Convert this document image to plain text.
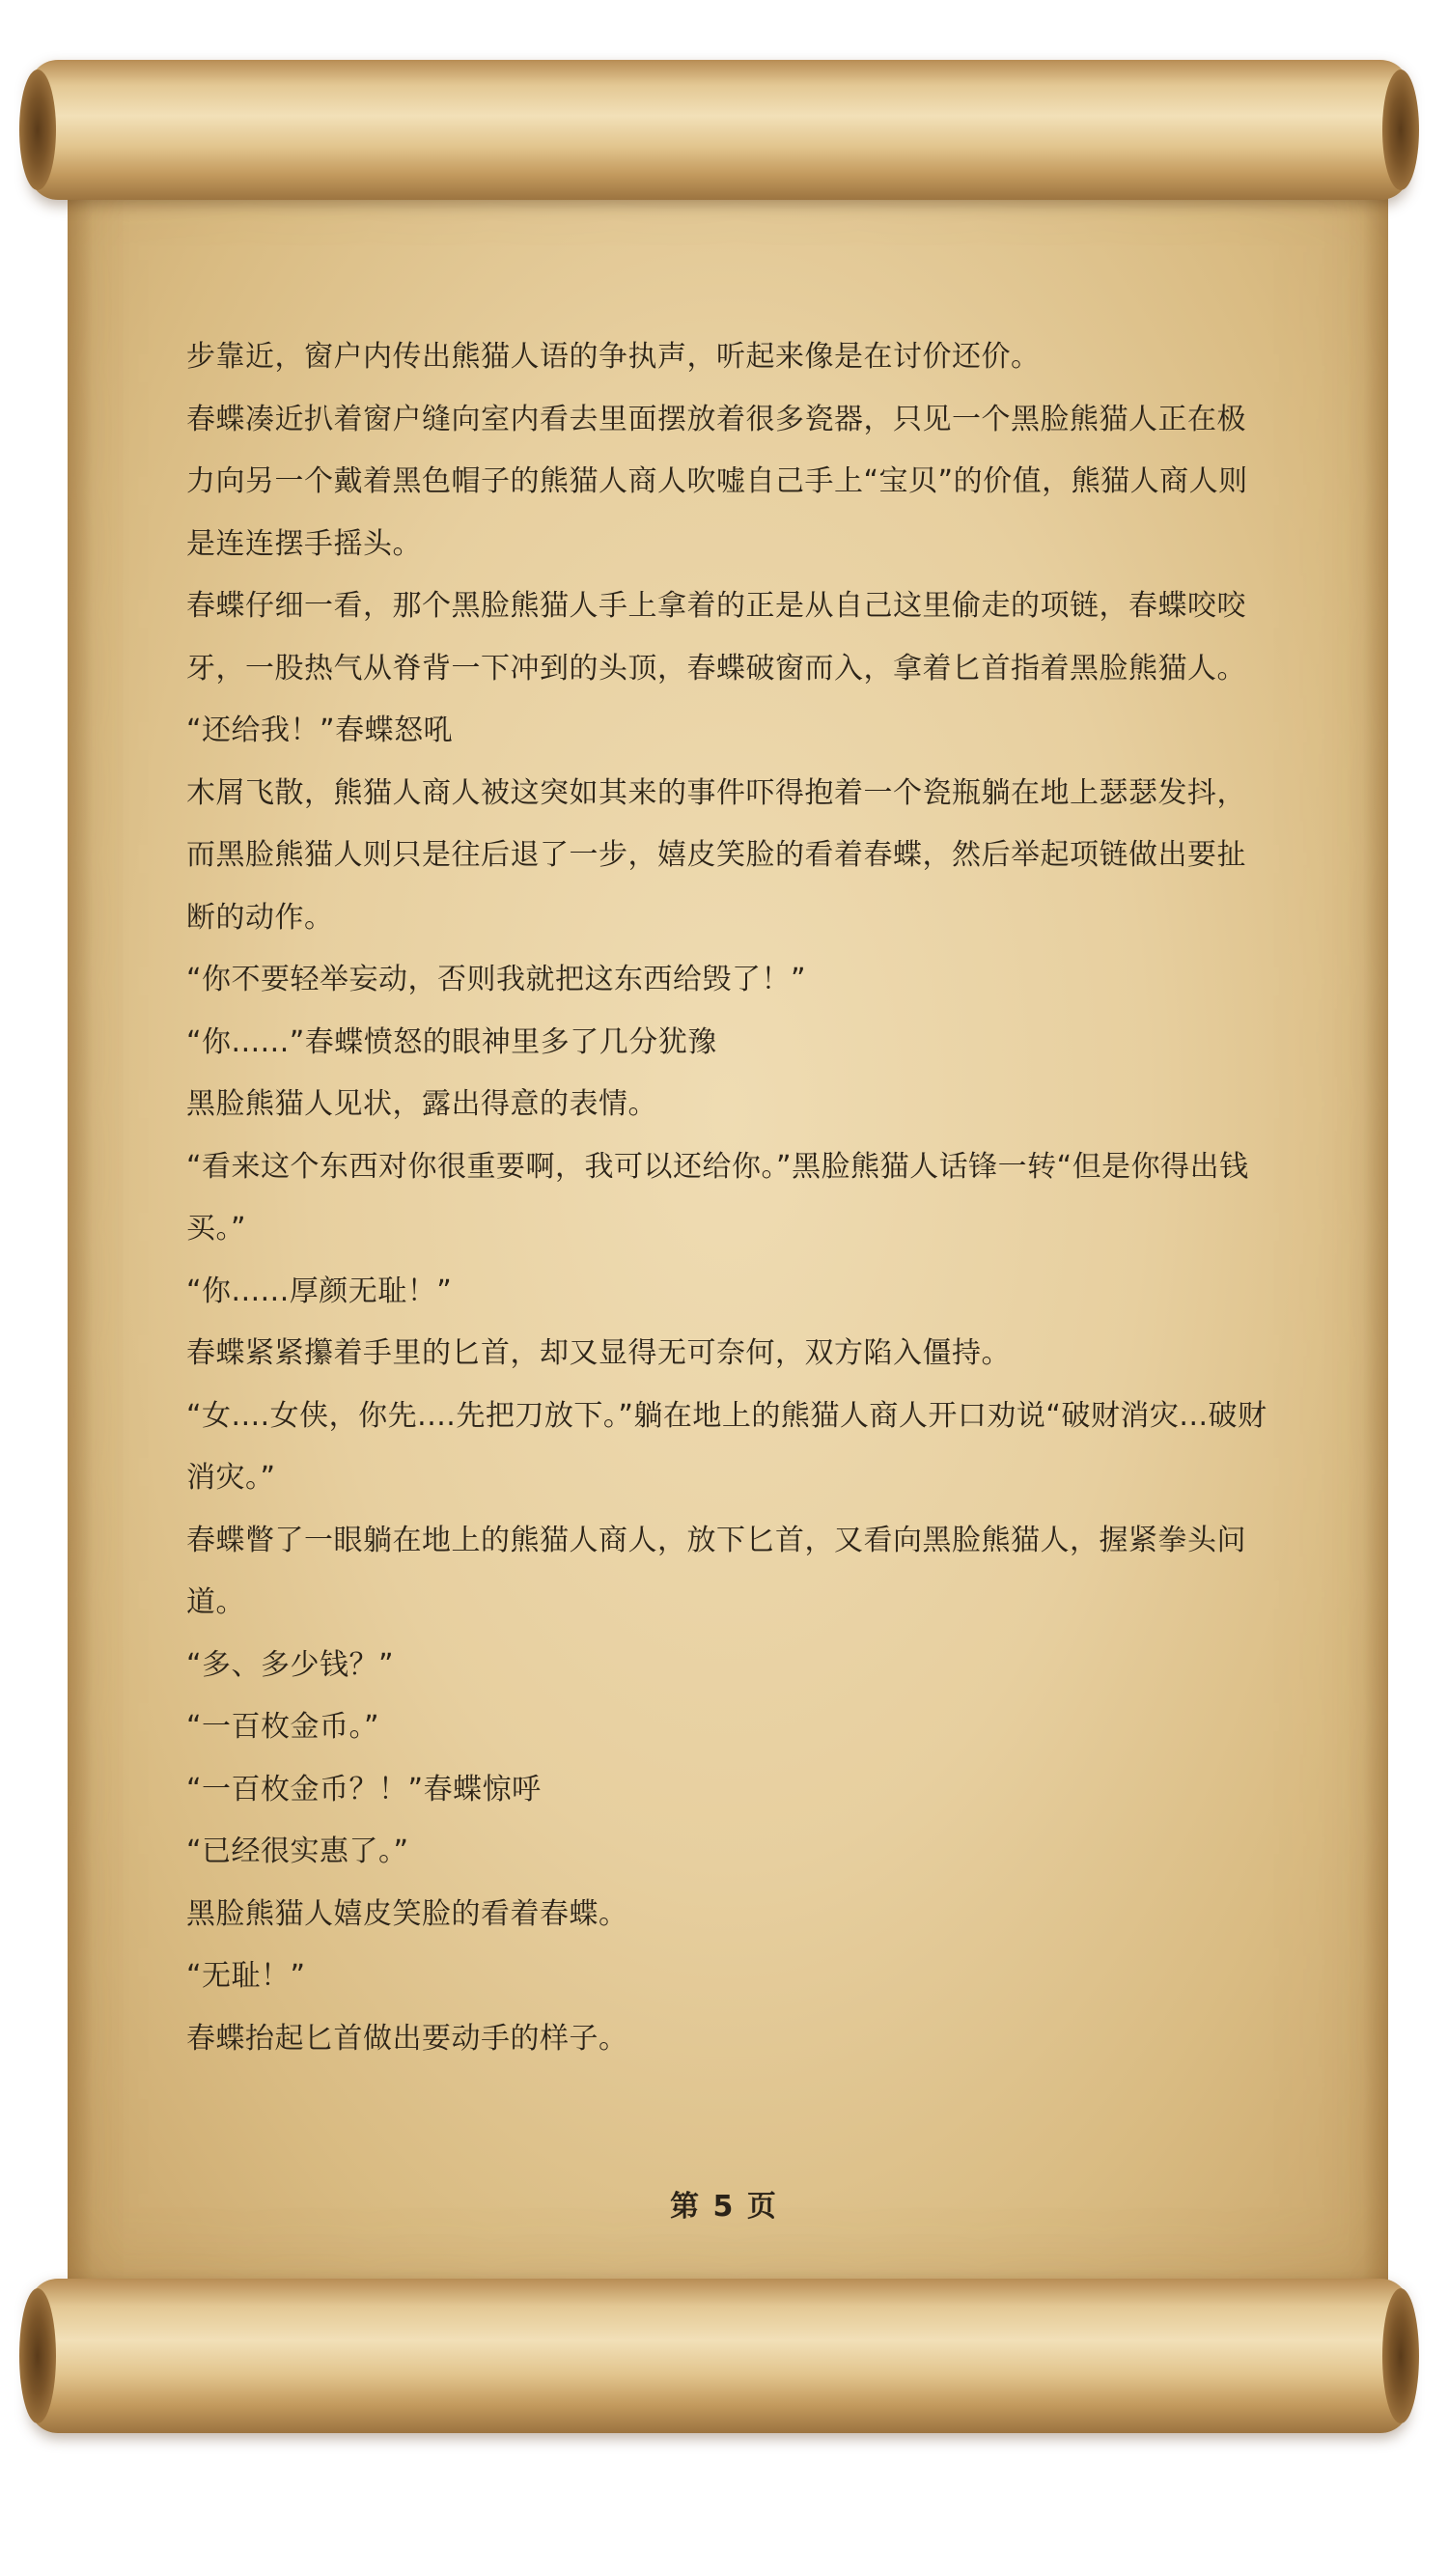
步靠近，窗户内传出熊猫人语的争执声，听起来像是在讨价还价。

春蝶凑近扒着窗户缝向室内看去里面摆放着很多瓷器，只见一个黑脸熊猫人正在极力向另一个戴着黑色帽子的熊猫人商人吹嘘自己手上“宝贝”的价值，熊猫人商人则是连连摆手摇头。

春蝶仔细一看，那个黑脸熊猫人手上拿着的正是从自己这里偷走的项链，春蝶咬咬牙，一股热气从脊背一下冲到的头顶，春蝶破窗而入，拿着匕首指着黑脸熊猫人。

“还给我！”春蝶怒吼

木屑飞散，熊猫人商人被这突如其来的事件吓得抱着一个瓷瓶躺在地上瑟瑟发抖，而黑脸熊猫人则只是往后退了一步，嬉皮笑脸的看着春蝶，然后举起项链做出要扯断的动作。

“你不要轻举妄动，否则我就把这东西给毁了！”

“你......”春蝶愤怒的眼神里多了几分犹豫

黑脸熊猫人见状，露出得意的表情。

“看来这个东西对你很重要啊，我可以还给你。”黑脸熊猫人话锋一转“但是你得出钱买。”

“你......厚颜无耻！”

春蝶紧紧攥着手里的匕首，却又显得无可奈何，双方陷入僵持。

“女....女侠，你先....先把刀放下。”躺在地上的熊猫人商人开口劝说“破财消灾...破财消灾。”

春蝶瞥了一眼躺在地上的熊猫人商人，放下匕首，又看向黑脸熊猫人，握紧拳头问道。

“多、多少钱？”

“一百枚金币。”

“一百枚金币？！”春蝶惊呼

“已经很实惠了。”

黑脸熊猫人嬉皮笑脸的看着春蝶。

“无耻！”

春蝶抬起匕首做出要动手的样子。

第 5 页
